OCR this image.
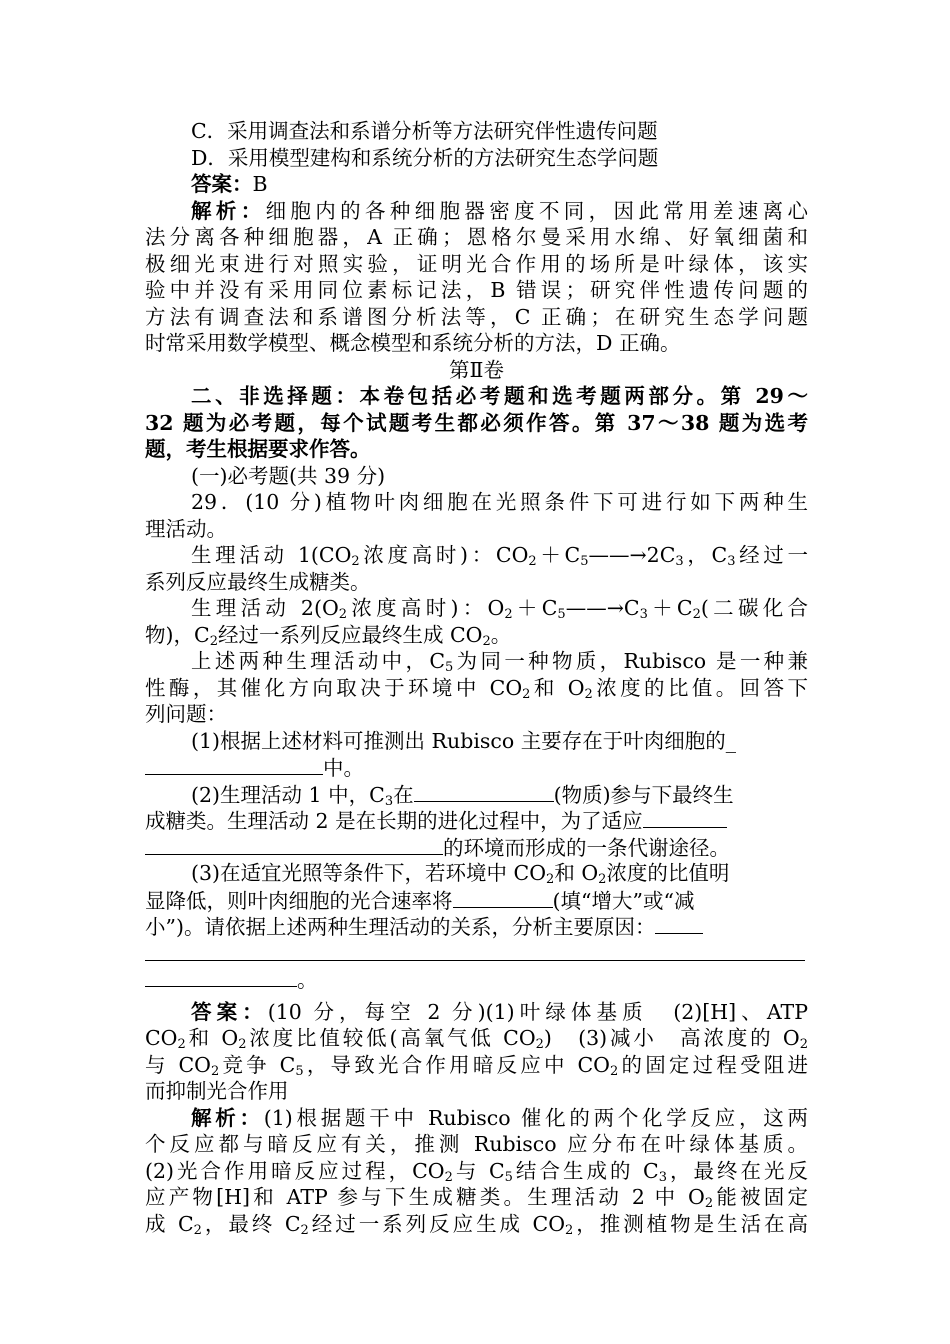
C．采用调查法和系谱分析等方法研究伴性遗传问题
D．采用模型建构和系统分析的方法研究生态学问题
答案：B
解析：细胞内的各种细胞器密度不同，因此常用差速离心
法分离各种细胞器，A 正确；恩格尔曼采用水绵、好氧细菌和
极细光束进行对照实验，证明光合作用的场所是叶绿体，该实
验中并没有采用同位素标记法，B 错误；研究伴性遗传问题的
方法有调查法和系谱图分析法等，C 正确；在研究生态学问题
时常采用数学模型、概念模型和系统分析的方法，D 正确。
第Ⅱ卷
二、非选择题：本卷包括必考题和选考题两部分。第 29～
32 题为必考题，每个试题考生都必须作答。第 37～38 题为选考
题，考生根据要求作答。
(一)必考题(共 39 分)
29．(10 分)植物叶肉细胞在光照条件下可进行如下两种生
理活动。
生理活动 $1(CO_2$浓度高时)：$CO_2+C_5——\to 2C_3$，$C_3$经过一
系列反应最终生成糖类。
生理活动 $2(O_2$浓度高时)：$O_2+C_5——\to C_3+C_2$(二碳化合
物)，$C_2$经过一系列反应最终生成 $CO_2$。
上述两种生理活动中，$C_5$为同一种物质，Rubisco 是一种兼
性酶，其催化方向取决于环境中 $CO_2$和 $O_2$浓度的比值。回答下
列问题：
(1)根据上述材料可推测出 Rubisco 主要存在于叶肉细胞的_
中。
(2)生理活动 1 中，$C_3$在	(物质)参与下最终生
成糖类。生理活动 2 是在长期的进化过程中，为了适应
的环境而形成的一条代谢途径。
(3)在适宜光照等条件下，若环境中 $CO_2$和 $O_2$浓度的比值明
显降低，则叶肉细胞的光合速率将	(填“增大”或“减
小”)。请依据上述两种生理活动的关系，分析主要原因：
。
答案：(10 分，每空 2 分)(1)叶绿体基质　(2)[H]、ATP
$CO_2$和 $O_2$浓度比值较低(高氧气低 $CO_2$)　(3)减小　高浓度的 $O_2$
与 $CO_2$竞争 $C_5$，导致光合作用暗反应中 $CO_2$的固定过程受阻进
而抑制光合作用
解析：(1)根据题干中 Rubisco 催化的两个化学反应，这两
个反应都与暗反应有关，推测 Rubisco 应分布在叶绿体基质。
(2)光合作用暗反应过程，$CO_2$与 $C_5$结合生成的 $C_3$，最终在光反
应产物[H]和 ATP 参与下生成糖类。生理活动 2 中 $O_2$能被固定
成 $C_2$，最终 $C_2$经过一系列反应生成 $CO_2$，推测植物是生活在高
